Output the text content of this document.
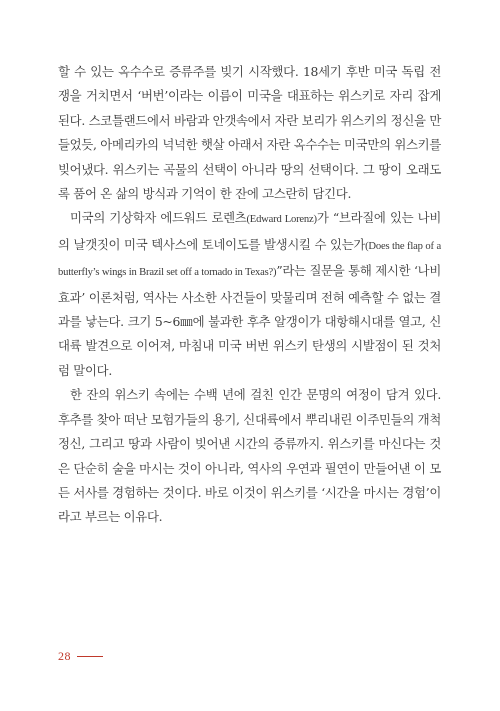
할 수 있는 옥수수로 증류주를 빚기 시작했다. 18세기 후반 미국 독립 전쟁을 거치면서 ‘버번’이라는 이름이 미국을 대표하는 위스키로 자리 잡게 된다. 스코틀랜드에서 바람과 안갯속에서 자란 보리가 위스키의 정신을 만들었듯, 아메리카의 넉넉한 햇살 아래서 자란 옥수수는 미국만의 위스키를 빚어냈다. 위스키는 곡물의 선택이 아니라 땅의 선택이다. 그 땅이 오래도록 품어 온 삶의 방식과 기억이 한 잔에 고스란히 담긴다.

미국의 기상학자 에드워드 로렌츠(Edward Lorenz)가 “브라질에 있는 나비의 날갯짓이 미국 텍사스에 토네이도를 발생시킬 수 있는가(Does the flap of a butterfly’s wings in Brazil set off a tornado in Texas?)”라는 질문을 통해 제시한 ‘나비효과’ 이론처럼, 역사는 사소한 사건들이 맞물리며 전혀 예측할 수 없는 결과를 낳는다. 크기 5~6㎜에 불과한 후추 알갱이가 대항해시대를 열고, 신대륙 발견으로 이어져, 마침내 미국 버번 위스키 탄생의 시발점이 된 것처럼 말이다.

한 잔의 위스키 속에는 수백 년에 걸친 인간 문명의 여정이 담겨 있다. 후추를 찾아 떠난 모험가들의 용기, 신대륙에서 뿌리내린 이주민들의 개척 정신, 그리고 땅과 사람이 빚어낸 시간의 증류까지. 위스키를 마신다는 것은 단순히 술을 마시는 것이 아니라, 역사의 우연과 필연이 만들어낸 이 모든 서사를 경험하는 것이다. 바로 이것이 위스키를 ‘시간을 마시는 경험’이라고 부르는 이유다.

28
